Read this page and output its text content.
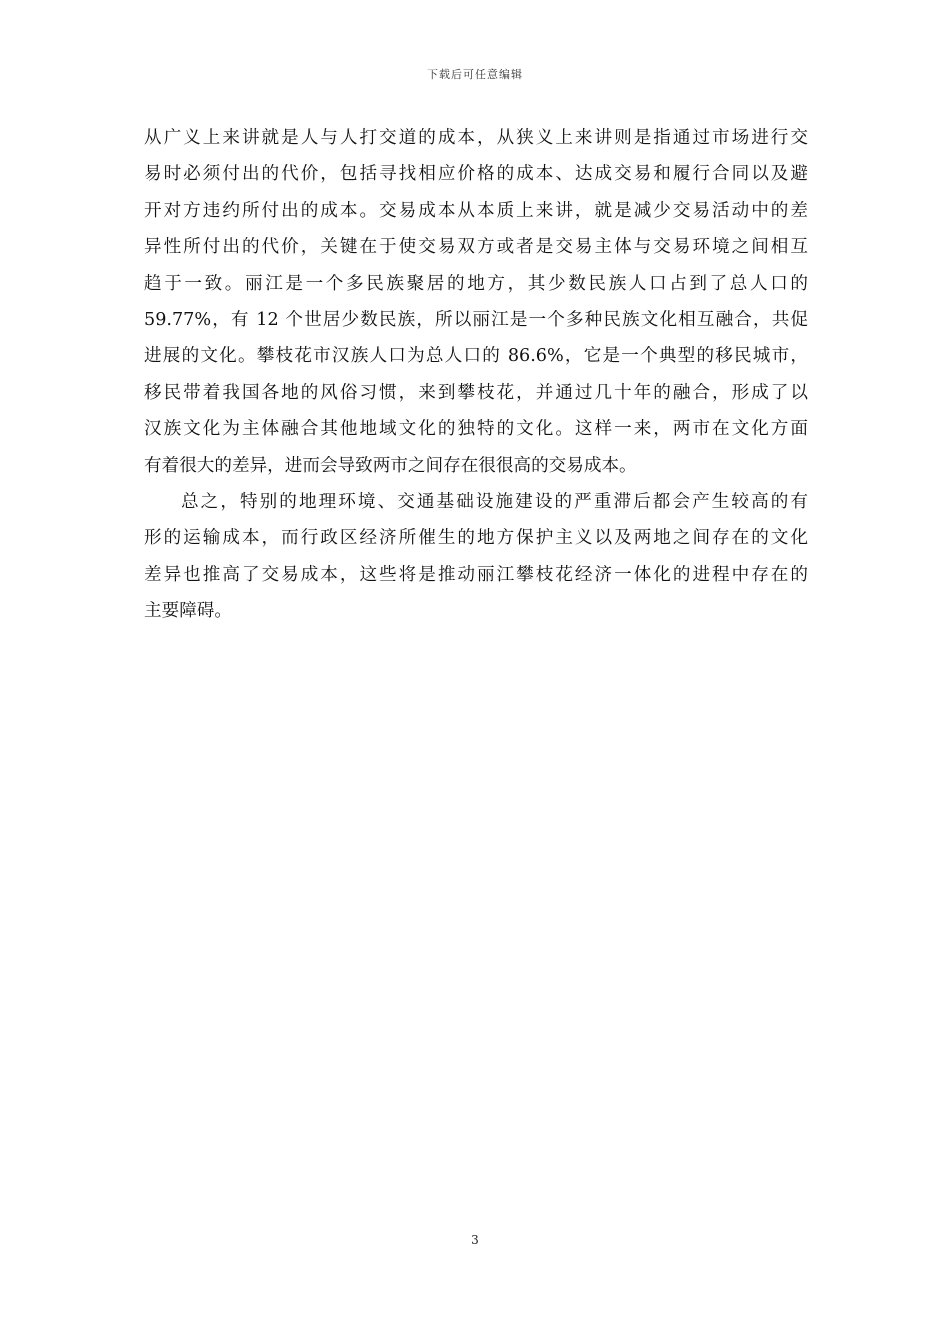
下载后可任意编辑
从广义上来讲就是人与人打交道的成本，从狭义上来讲则是指通过市场进行交
易时必须付出的代价，包括寻找相应价格的成本、达成交易和履行合同以及避
开对方违约所付出的成本。交易成本从本质上来讲，就是减少交易活动中的差
异性所付出的代价，关键在于使交易双方或者是交易主体与交易环境之间相互
趋于一致。丽江是一个多民族聚居的地方，其少数民族人口占到了总人口的
59.77%，有 12 个世居少数民族，所以丽江是一个多种民族文化相互融合，共促
进展的文化。攀枝花市汉族人口为总人口的 86.6%，它是一个典型的移民城市，
移民带着我国各地的风俗习惯，来到攀枝花，并通过几十年的融合，形成了以
汉族文化为主体融合其他地域文化的独特的文化。这样一来，两市在文化方面
有着很大的差异，进而会导致两市之间存在很很高的交易成本。
总之，特别的地理环境、交通基础设施建设的严重滞后都会产生较高的有
形的运输成本，而行政区经济所催生的地方保护主义以及两地之间存在的文化
差异也推高了交易成本，这些将是推动丽江攀枝花经济一体化的进程中存在的
主要障碍。
3
